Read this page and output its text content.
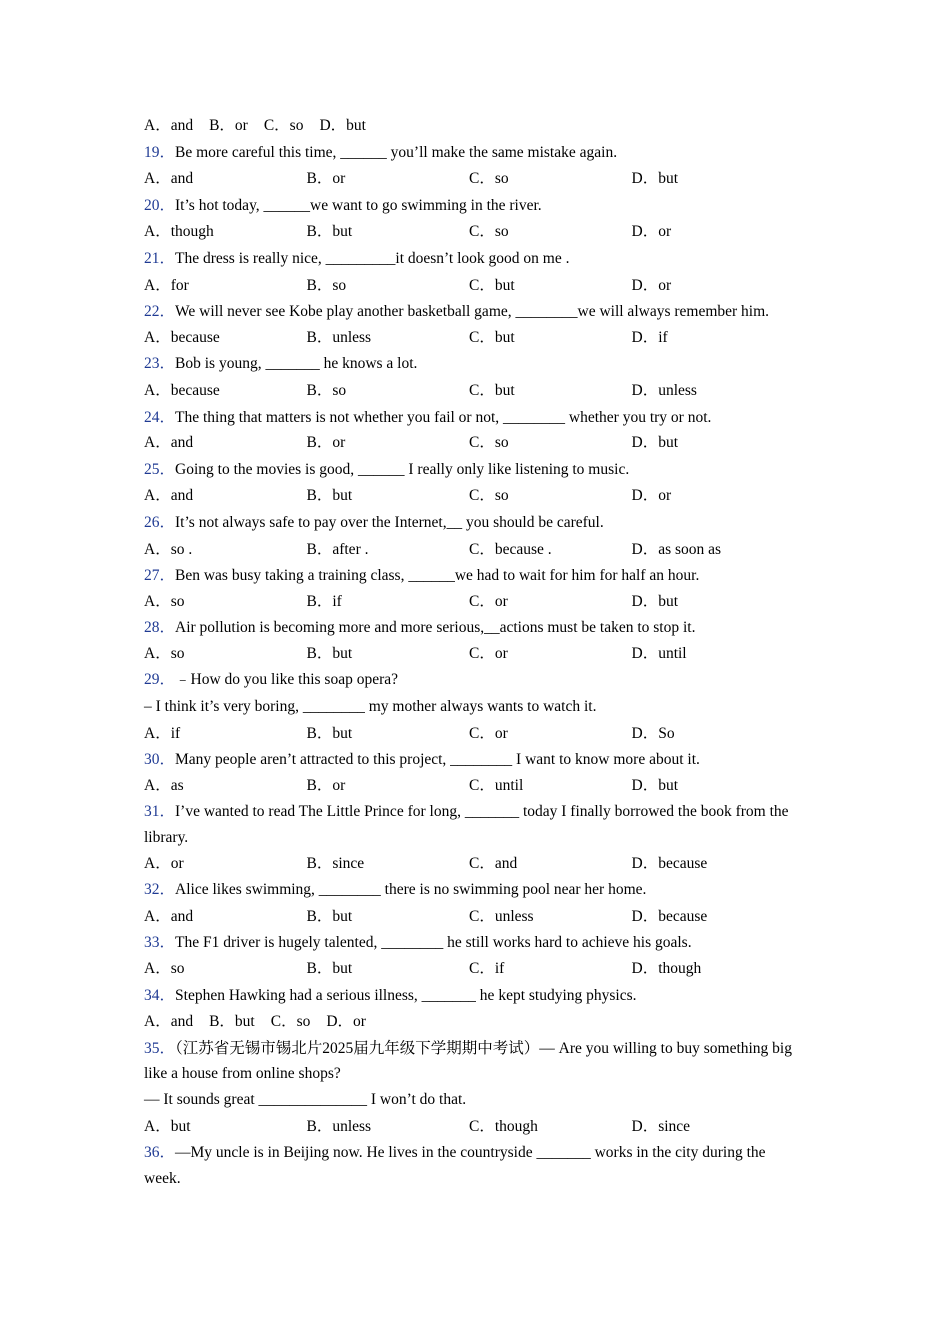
A．and B．or C．so D．but
19．Be more careful this time, ______ you’ll make the same mistake again.
A．and	B．or	C．so	D．but
20．It’s hot today, ______we want to go swimming in the river.
A．though	B．but	C．so	D．or
21．The dress is really nice, _________it doesn’t look good on me .
A．for	B．so	C．but	D．or
22．We will never see Kobe play another basketball game, ________we will always remember him.
A．because	B．unless	C．but	D．if
23．Bob is young, _______ he knows a lot.
A．because	B．so	C．but	D．unless
24．The thing that matters is not whether you fail or not, ________ whether you try or not.
A．and	B．or	C．so	D．but
25．Going to the movies is good, ______ I really only like listening to music.
A．and	B．but	C．so	D．or
26．It’s not always safe to pay over the Internet,__ you should be careful.
A．so .	B．after .	C．because .	D．as soon as
27．Ben was busy taking a training class, ______we had to wait for him for half an hour.
A．so	B．if	C．or	D．but
28．Air pollution is becoming more and more serious,__actions must be taken to stop it.
A．so	B．but	C．or	D．until
29．﹣How do you like this soap opera?
– I think it’s very boring, ________ my mother always wants to watch it.
A．if	B．but	C．or	D．So
30．Many people aren’t attracted to this project, ________ I want to know more about it.
A．as	B．or	C．until	D．but
31．I’ve wanted to read The Little Prince for long, _______ today I finally borrowed the book from the library.
A．or	B．since	C．and	D．because
32．Alice likes swimming, ________ there is no swimming pool near her home.
A．and	B．but	C．unless	D．because
33．The F1 driver is hugely talented, ________ he still works hard to achieve his goals.
A．so	B．but	C．if	D．though
34．Stephen Hawking had a serious illness, _______ he kept studying physics.
A．and B．but C．so D．or
35．（江苏省无锡市锡北片2025届九年级下学期期中考试）— Are you willing to buy something big like a house from online shops?
— It sounds great ______________ I won’t do that.
A．but	B．unless	C．though	D．since
36．—My uncle is in Beijing now. He lives in the countryside _______ works in the city during the week.
